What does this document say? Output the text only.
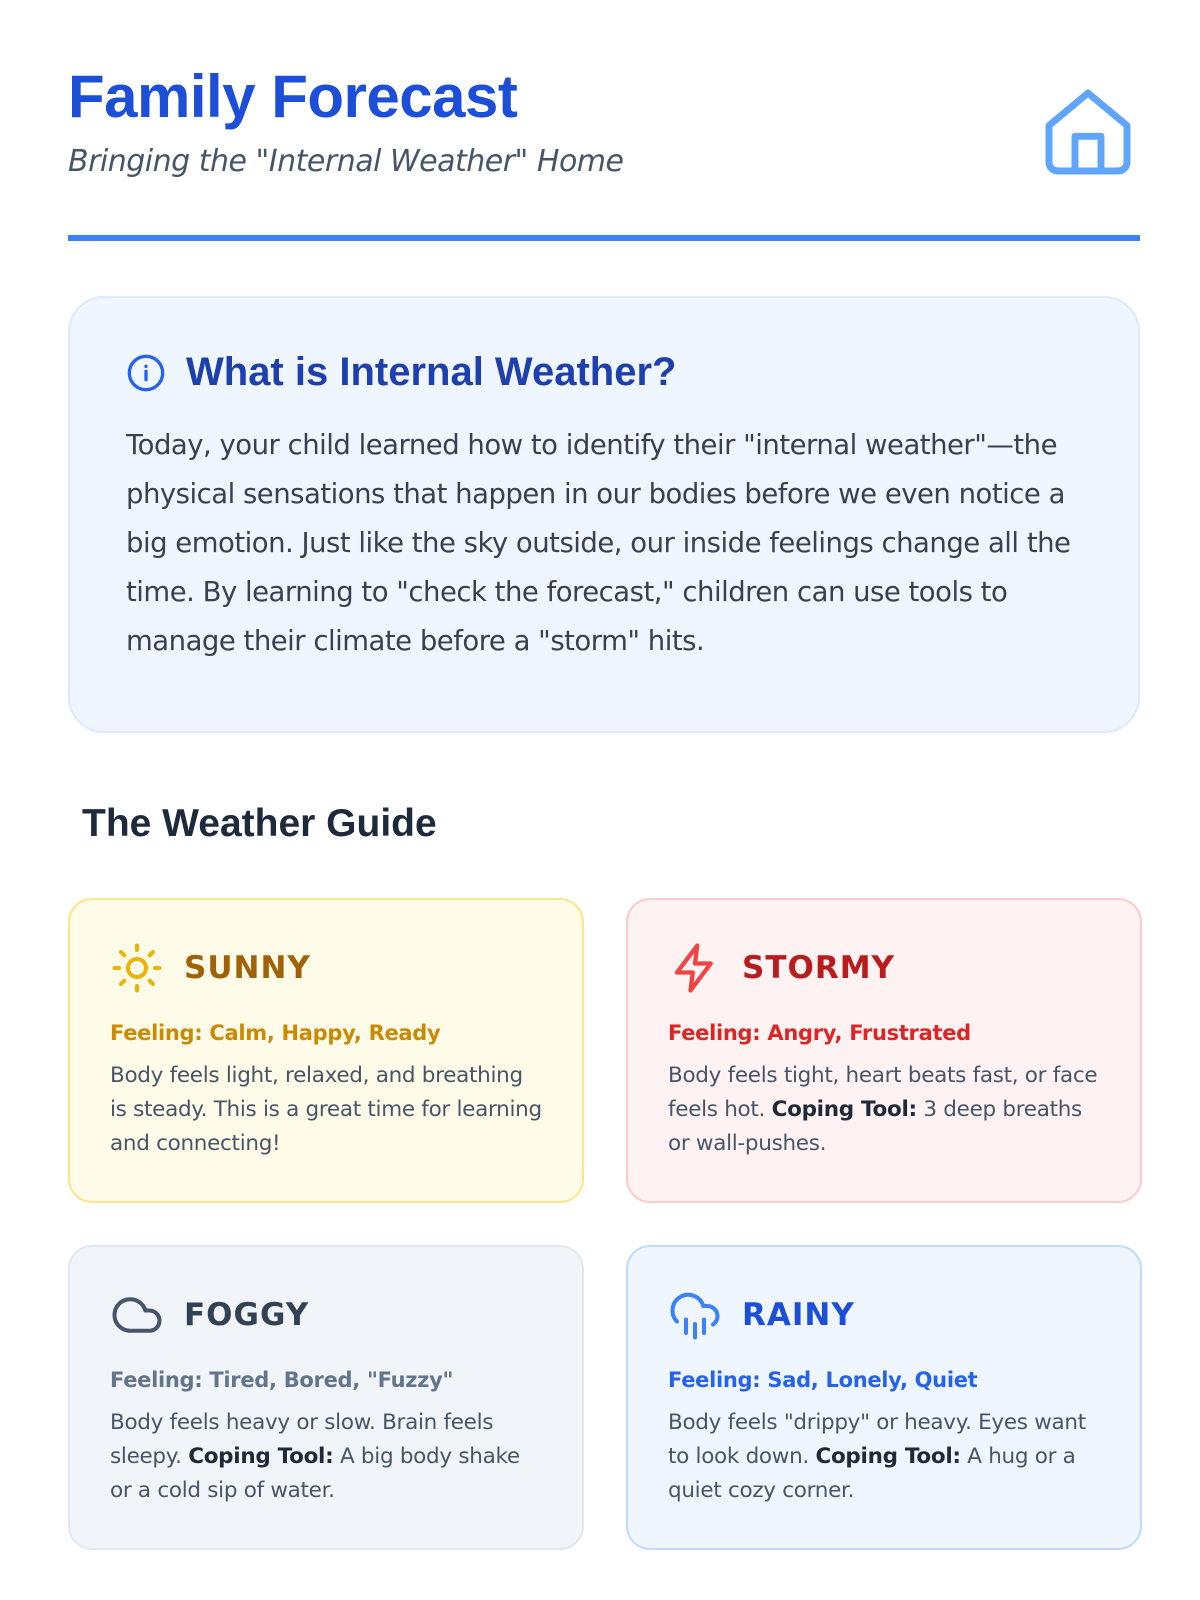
Family Forecast
Bringing the "Internal Weather" Home
What is Internal Weather?

Today, your child learned how to identify their "internal weather"—the physical sensations that happen in our bodies before we even notice a big emotion. Just like the sky outside, our inside feelings change all the time. By learning to "check the forecast," children can use tools to manage their climate before a "storm" hits.

The Weather Guide
SUNNY
Feeling: Calm, Happy, Ready

Body feels light, relaxed, and breathing is steady. This is a great time for learning and connecting!

STORMY
Feeling: Angry, Frustrated

Body feels tight, heart beats fast, or face feels hot. Coping Tool: 3 deep breaths or wall-pushes.

FOGGY
Feeling: Tired, Bored, "Fuzzy"

Body feels heavy or slow. Brain feels sleepy. Coping Tool: A big body shake or a cold sip of water.

RAINY
Feeling: Sad, Lonely, Quiet

Body feels "drippy" or heavy. Eyes want to look down. Coping Tool: A hug or a quiet cozy corner.
